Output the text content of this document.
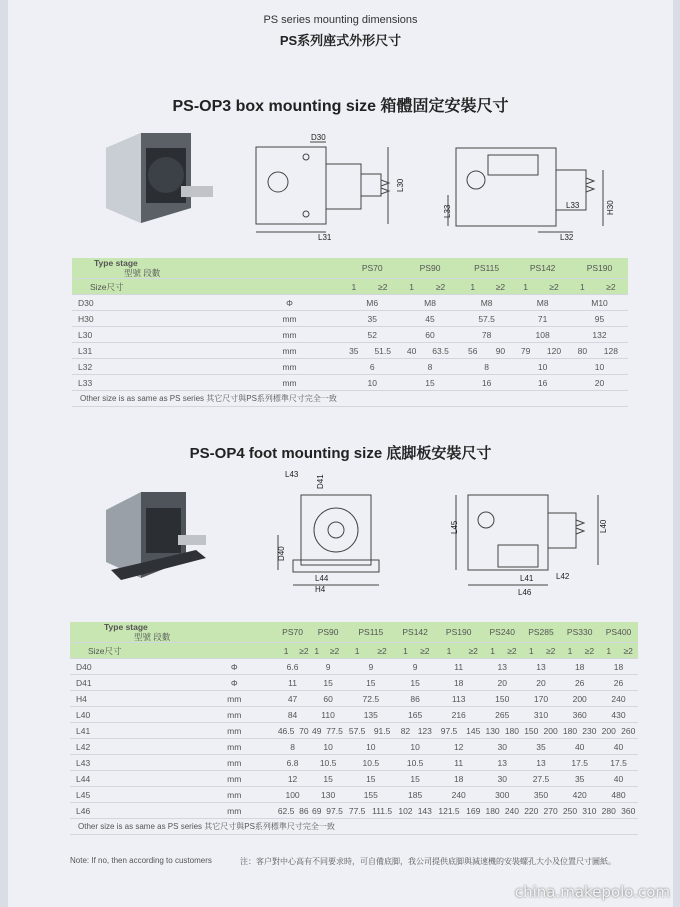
PS series mounting dimensions
PS系列座式外形尺寸
PS-OP3 box mounting size 箱體固定安裝尺寸
D30
L30
L31
L33	L33
L32
H30
Type stage
型號 段數		PS70		PS90		PS115		PS142		PS190	
Size尺寸		1	≥2	1	≥2	1	≥2	1	≥2	1	≥2
D30	Φ	M6		M8		M8		M8		M10	
H30	mm	35		45		57.5		71		95	
L30	mm	52		60		78		108		132	
L31	mm	35	51.5	40	63.5	56	90	79	120	80	128
L32	mm	6		8		8		10		10	
L33	mm	10		15		16		16		20	
Other size is as same as PS series 其它尺寸與PS系列標準尺寸完全一致											
PS-OP4 foot mounting size 底脚板安裝尺寸
L43 D41
D40
L44
H4
L45	L40
L41	L42
L46
Type stage
型號 段數		PS70		PS90		PS115		PS142		PS190		PS240		PS285		PS330		PS400	
Size尺寸		1	≥2	1	≥2	1	≥2	1	≥2	1	≥2	1	≥2	1	≥2	1	≥2	1	≥2
D40	Φ	6.6		9		9		9		11		13		13		18		18	
D41	Φ	11		15		15		15		18		20		20		26		26	
H4	mm	47		60		72.5		86		113		150		170		200		240	
L40	mm	84		110		135		165		216		265		310		360		430	
L41	mm	46.5	70	49	77.5	57.5	91.5	82	123	97.5	145	130	180	150	200	180	230	200	260
L42	mm	8		10		10		10		12		30		35		40		40	
L43	mm	6.8		10.5		10.5		10.5		11		13		13		17.5		17.5	
L44	mm	12		15		15		15		18		30		27.5		35		40	
L45	mm	100		130		155		185		240		300		350		420		480	
L46	mm	62.5	86	69	97.5	77.5	111.5	102	143	121.5	169	180	240	220	270	250	310	280	360
Other size is as same as PS series 其它尺寸與PS系列標準尺寸完全一致																			
Note: If no, then according to customers	注：客户對中心高有不同要求時，可自備底脚，我公司提供底脚與減速機的安裝螺孔大小及位置尺寸圖紙。
china.makepolo.com
